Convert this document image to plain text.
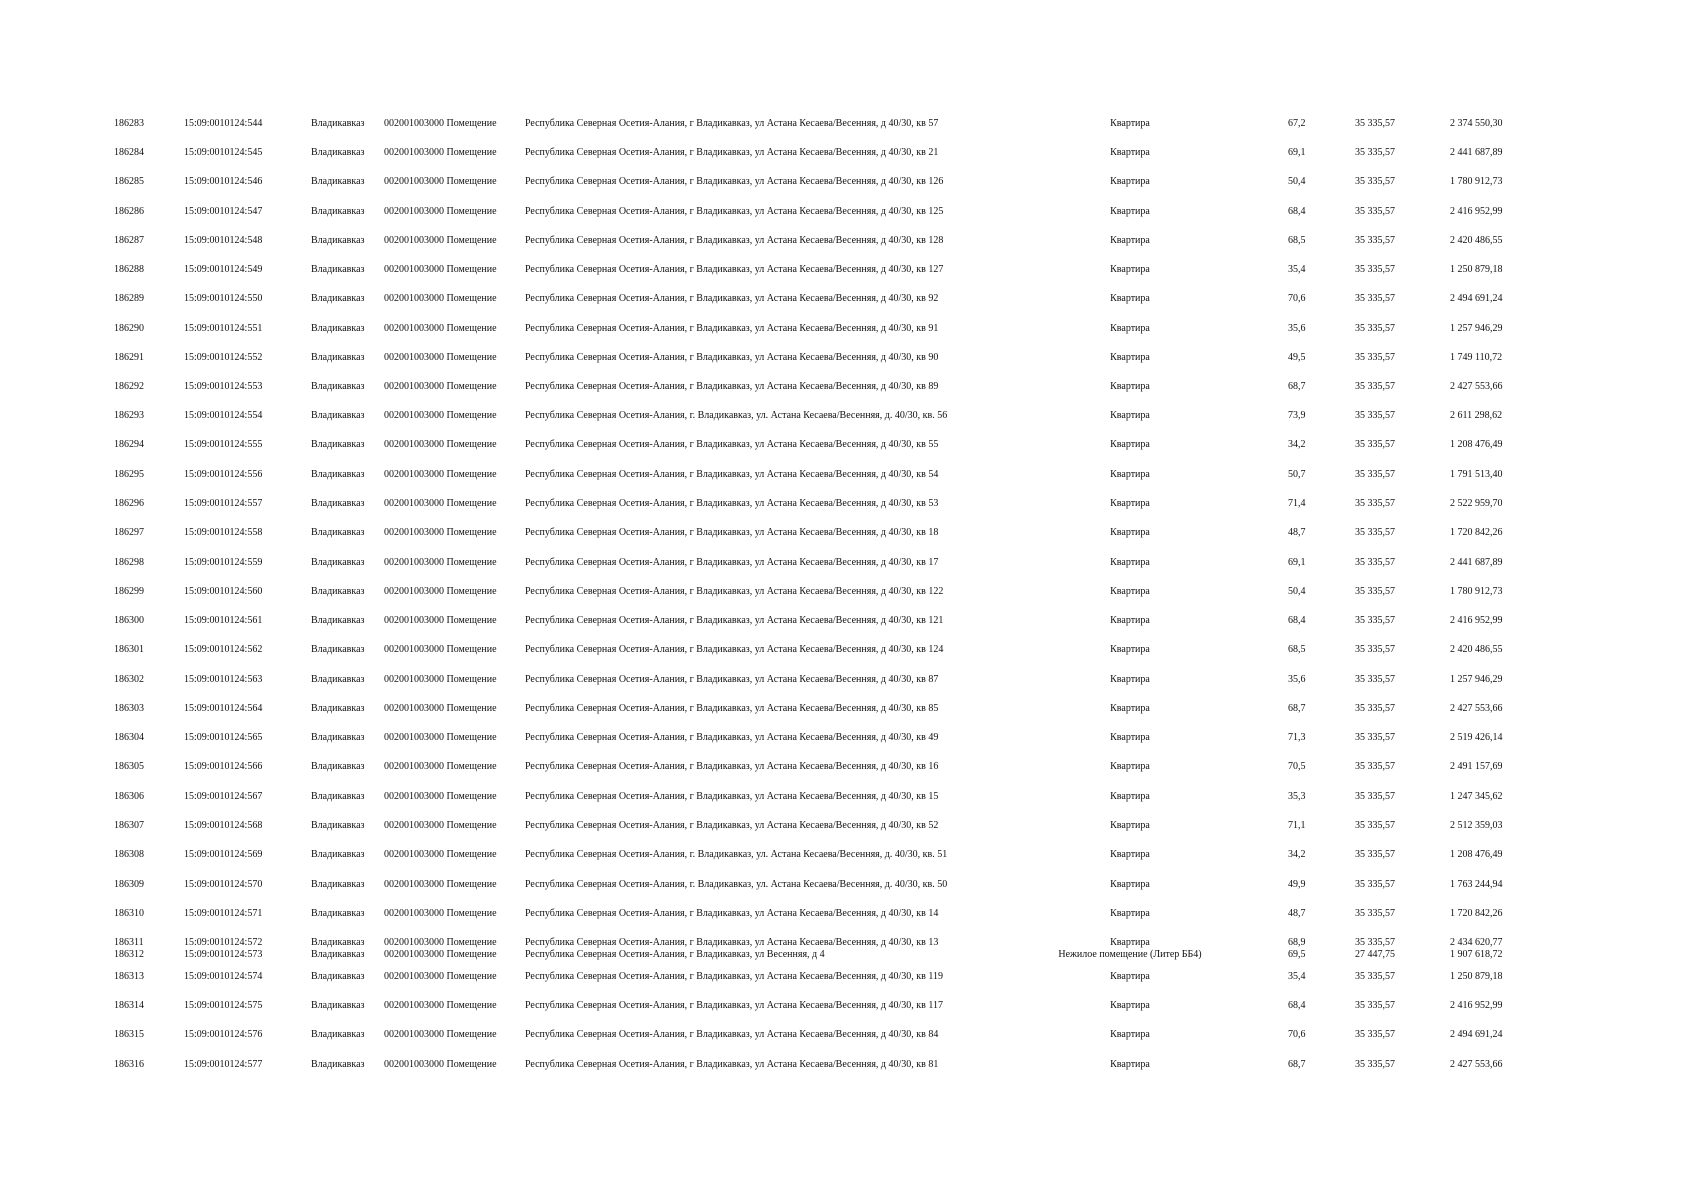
186283	15:09:0010124:544	Владикавказ 002001003000 Помещение	Республика Северная Осетия-Алания, г Владикавказ, ул Астана Кесаева/Весенняя, д 40/30, кв 57	Квартира	67,2	35 335,57	2 374 550,30
186284	15:09:0010124:545	Владикавказ 002001003000 Помещение	Республика Северная Осетия-Алания, г Владикавказ, ул Астана Кесаева/Весенняя, д 40/30, кв 21	Квартира	69,1	35 335,57	2 441 687,89
186285	15:09:0010124:546	Владикавказ 002001003000 Помещение	Республика Северная Осетия-Алания, г Владикавказ, ул Астана Кесаева/Весенняя, д 40/30, кв 126	Квартира	50,4	35 335,57	1 780 912,73
186286	15:09:0010124:547	Владикавказ 002001003000 Помещение	Республика Северная Осетия-Алания, г Владикавказ, ул Астана Кесаева/Весенняя, д 40/30, кв 125	Квартира	68,4	35 335,57	2 416 952,99
186287	15:09:0010124:548	Владикавказ 002001003000 Помещение	Республика Северная Осетия-Алания, г Владикавказ, ул Астана Кесаева/Весенняя, д 40/30, кв 128	Квартира	68,5	35 335,57	2 420 486,55
186288	15:09:0010124:549	Владикавказ 002001003000 Помещение	Республика Северная Осетия-Алания, г Владикавказ, ул Астана Кесаева/Весенняя, д 40/30, кв 127	Квартира	35,4	35 335,57	1 250 879,18
186289	15:09:0010124:550	Владикавказ 002001003000 Помещение	Республика Северная Осетия-Алания, г Владикавказ, ул Астана Кесаева/Весенняя, д 40/30, кв 92	Квартира	70,6	35 335,57	2 494 691,24
186290	15:09:0010124:551	Владикавказ 002001003000 Помещение	Республика Северная Осетия-Алания, г Владикавказ, ул Астана Кесаева/Весенняя, д 40/30, кв 91	Квартира	35,6	35 335,57	1 257 946,29
186291	15:09:0010124:552	Владикавказ 002001003000 Помещение	Республика Северная Осетия-Алания, г Владикавказ, ул Астана Кесаева/Весенняя, д 40/30, кв 90	Квартира	49,5	35 335,57	1 749 110,72
186292	15:09:0010124:553	Владикавказ 002001003000 Помещение	Республика Северная Осетия-Алания, г Владикавказ, ул Астана Кесаева/Весенняя, д 40/30, кв 89	Квартира	68,7	35 335,57	2 427 553,66
186293	15:09:0010124:554	Владикавказ 002001003000 Помещение	Республика Северная Осетия-Алания, г. Владикавказ, ул. Астана Кесаева/Весенняя, д. 40/30, кв. 56	Квартира	73,9	35 335,57	2 611 298,62
186294	15:09:0010124:555	Владикавказ 002001003000 Помещение	Республика Северная Осетия-Алания, г Владикавказ, ул Астана Кесаева/Весенняя, д 40/30, кв 55	Квартира	34,2	35 335,57	1 208 476,49
186295	15:09:0010124:556	Владикавказ 002001003000 Помещение	Республика Северная Осетия-Алания, г Владикавказ, ул Астана Кесаева/Весенняя, д 40/30, кв 54	Квартира	50,7	35 335,57	1 791 513,40
186296	15:09:0010124:557	Владикавказ 002001003000 Помещение	Республика Северная Осетия-Алания, г Владикавказ, ул Астана Кесаева/Весенняя, д 40/30, кв 53	Квартира	71,4	35 335,57	2 522 959,70
186297	15:09:0010124:558	Владикавказ 002001003000 Помещение	Республика Северная Осетия-Алания, г Владикавказ, ул Астана Кесаева/Весенняя, д 40/30, кв 18	Квартира	48,7	35 335,57	1 720 842,26
186298	15:09:0010124:559	Владикавказ 002001003000 Помещение	Республика Северная Осетия-Алания, г Владикавказ, ул Астана Кесаева/Весенняя, д 40/30, кв 17	Квартира	69,1	35 335,57	2 441 687,89
186299	15:09:0010124:560	Владикавказ 002001003000 Помещение	Республика Северная Осетия-Алания, г Владикавказ, ул Астана Кесаева/Весенняя, д 40/30, кв 122	Квартира	50,4	35 335,57	1 780 912,73
186300	15:09:0010124:561	Владикавказ 002001003000 Помещение	Республика Северная Осетия-Алания, г Владикавказ, ул Астана Кесаева/Весенняя, д 40/30, кв 121	Квартира	68,4	35 335,57	2 416 952,99
186301	15:09:0010124:562	Владикавказ 002001003000 Помещение	Республика Северная Осетия-Алания, г Владикавказ, ул Астана Кесаева/Весенняя, д 40/30, кв 124	Квартира	68,5	35 335,57	2 420 486,55
186302	15:09:0010124:563	Владикавказ 002001003000 Помещение	Республика Северная Осетия-Алания, г Владикавказ, ул Астана Кесаева/Весенняя, д 40/30, кв 87	Квартира	35,6	35 335,57	1 257 946,29
186303	15:09:0010124:564	Владикавказ 002001003000 Помещение	Республика Северная Осетия-Алания, г Владикавказ, ул Астана Кесаева/Весенняя, д 40/30, кв 85	Квартира	68,7	35 335,57	2 427 553,66
186304	15:09:0010124:565	Владикавказ 002001003000 Помещение	Республика Северная Осетия-Алания, г Владикавказ, ул Астана Кесаева/Весенняя, д 40/30, кв 49	Квартира	71,3	35 335,57	2 519 426,14
186305	15:09:0010124:566	Владикавказ 002001003000 Помещение	Республика Северная Осетия-Алания, г Владикавказ, ул Астана Кесаева/Весенняя, д 40/30, кв 16	Квартира	70,5	35 335,57	2 491 157,69
186306	15:09:0010124:567	Владикавказ 002001003000 Помещение	Республика Северная Осетия-Алания, г Владикавказ, ул Астана Кесаева/Весенняя, д 40/30, кв 15	Квартира	35,3	35 335,57	1 247 345,62
186307	15:09:0010124:568	Владикавказ 002001003000 Помещение	Республика Северная Осетия-Алания, г Владикавказ, ул Астана Кесаева/Весенняя, д 40/30, кв 52	Квартира	71,1	35 335,57	2 512 359,03
186308	15:09:0010124:569	Владикавказ 002001003000 Помещение	Республика Северная Осетия-Алания, г. Владикавказ, ул. Астана Кесаева/Весенняя, д. 40/30, кв. 51	Квартира	34,2	35 335,57	1 208 476,49
186309	15:09:0010124:570	Владикавказ 002001003000 Помещение	Республика Северная Осетия-Алания, г. Владикавказ, ул. Астана Кесаева/Весенняя, д. 40/30, кв. 50	Квартира	49,9	35 335,57	1 763 244,94
186310	15:09:0010124:571	Владикавказ 002001003000 Помещение	Республика Северная Осетия-Алания, г Владикавказ, ул Астана Кесаева/Весенняя, д 40/30, кв 14	Квартира	48,7	35 335,57	1 720 842,26
186311	15:09:0010124:572	Владикавказ 002001003000 Помещение	Республика Северная Осетия-Алания, г Владикавказ, ул Астана Кесаева/Весенняя, д 40/30, кв 13	Квартира	68,9	35 335,57	2 434 620,77
186312	15:09:0010124:573	Владикавказ 002001003000 Помещение	Республика Северная Осетия-Алания, г Владикавказ, ул Весенняя, д 4	Нежилое помещение (Литер ББ4)	69,5	27 447,75	1 907 618,72
186313	15:09:0010124:574	Владикавказ 002001003000 Помещение	Республика Северная Осетия-Алания, г Владикавказ, ул Астана Кесаева/Весенняя, д 40/30, кв 119	Квартира	35,4	35 335,57	1 250 879,18
186314	15:09:0010124:575	Владикавказ 002001003000 Помещение	Республика Северная Осетия-Алания, г Владикавказ, ул Астана Кесаева/Весенняя, д 40/30, кв 117	Квартира	68,4	35 335,57	2 416 952,99
186315	15:09:0010124:576	Владикавказ 002001003000 Помещение	Республика Северная Осетия-Алания, г Владикавказ, ул Астана Кесаева/Весенняя, д 40/30, кв 84	Квартира	70,6	35 335,57	2 494 691,24
186316	15:09:0010124:577	Владикавказ 002001003000 Помещение	Республика Северная Осетия-Алания, г Владикавказ, ул Астана Кесаева/Весенняя, д 40/30, кв 81	Квартира	68,7	35 335,57	2 427 553,66
